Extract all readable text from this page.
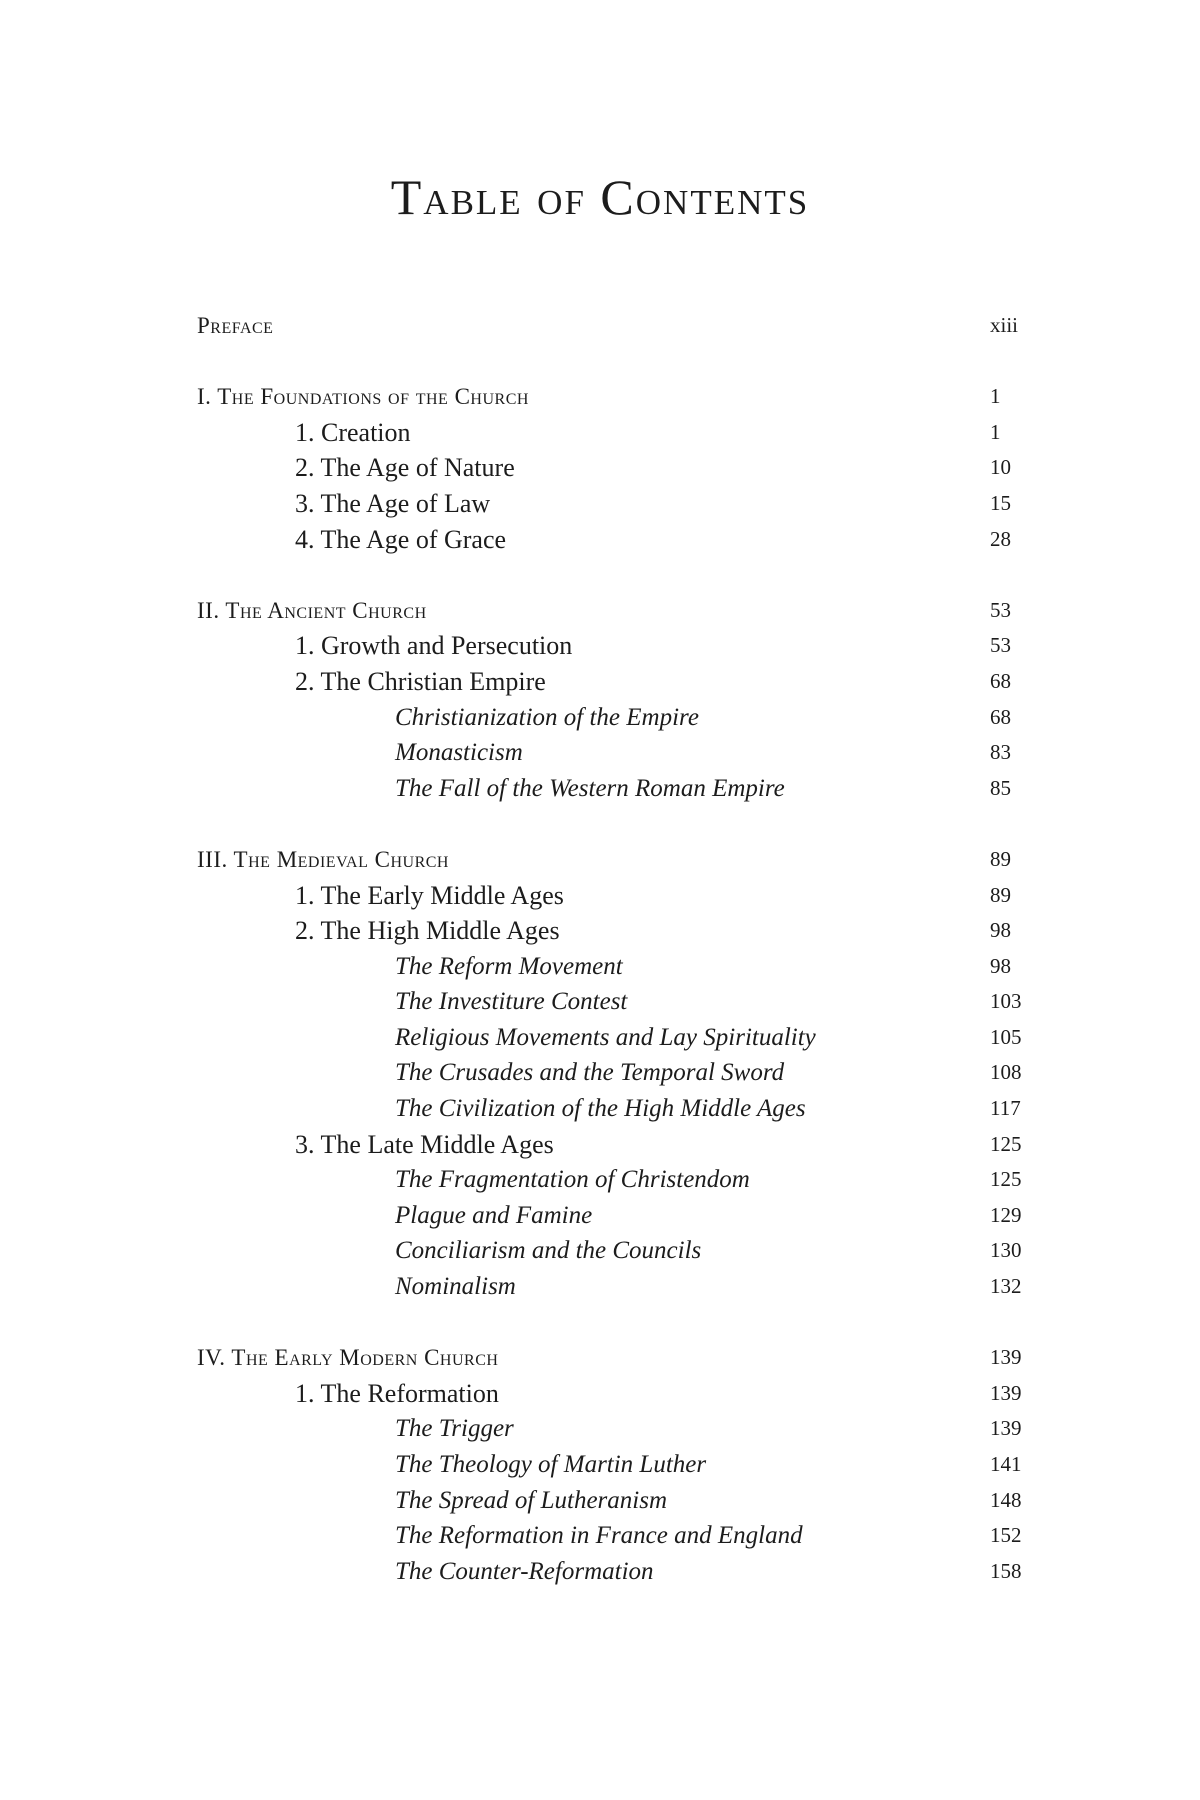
Table of Contents
Preface	xiii
I. The Foundations of the Church	1
1. Creation	1
2. The Age of Nature	10
3. The Age of Law	15
4. The Age of Grace	28
II. The Ancient Church	53
1. Growth and Persecution	53
2. The Christian Empire	68
Christianization of the Empire	68
Monasticism	83
The Fall of the Western Roman Empire	85
III. The Medieval Church	89
1. The Early Middle Ages	89
2. The High Middle Ages	98
The Reform Movement	98
The Investiture Contest	103
Religious Movements and Lay Spirituality	105
The Crusades and the Temporal Sword	108
The Civilization of the High Middle Ages	117
3. The Late Middle Ages	125
The Fragmentation of Christendom	125
Plague and Famine	129
Conciliarism and the Councils	130
Nominalism	132
IV. The Early Modern Church	139
1. The Reformation	139
The Trigger	139
The Theology of Martin Luther	141
The Spread of Lutheranism	148
The Reformation in France and England	152
The Counter-Reformation	158
